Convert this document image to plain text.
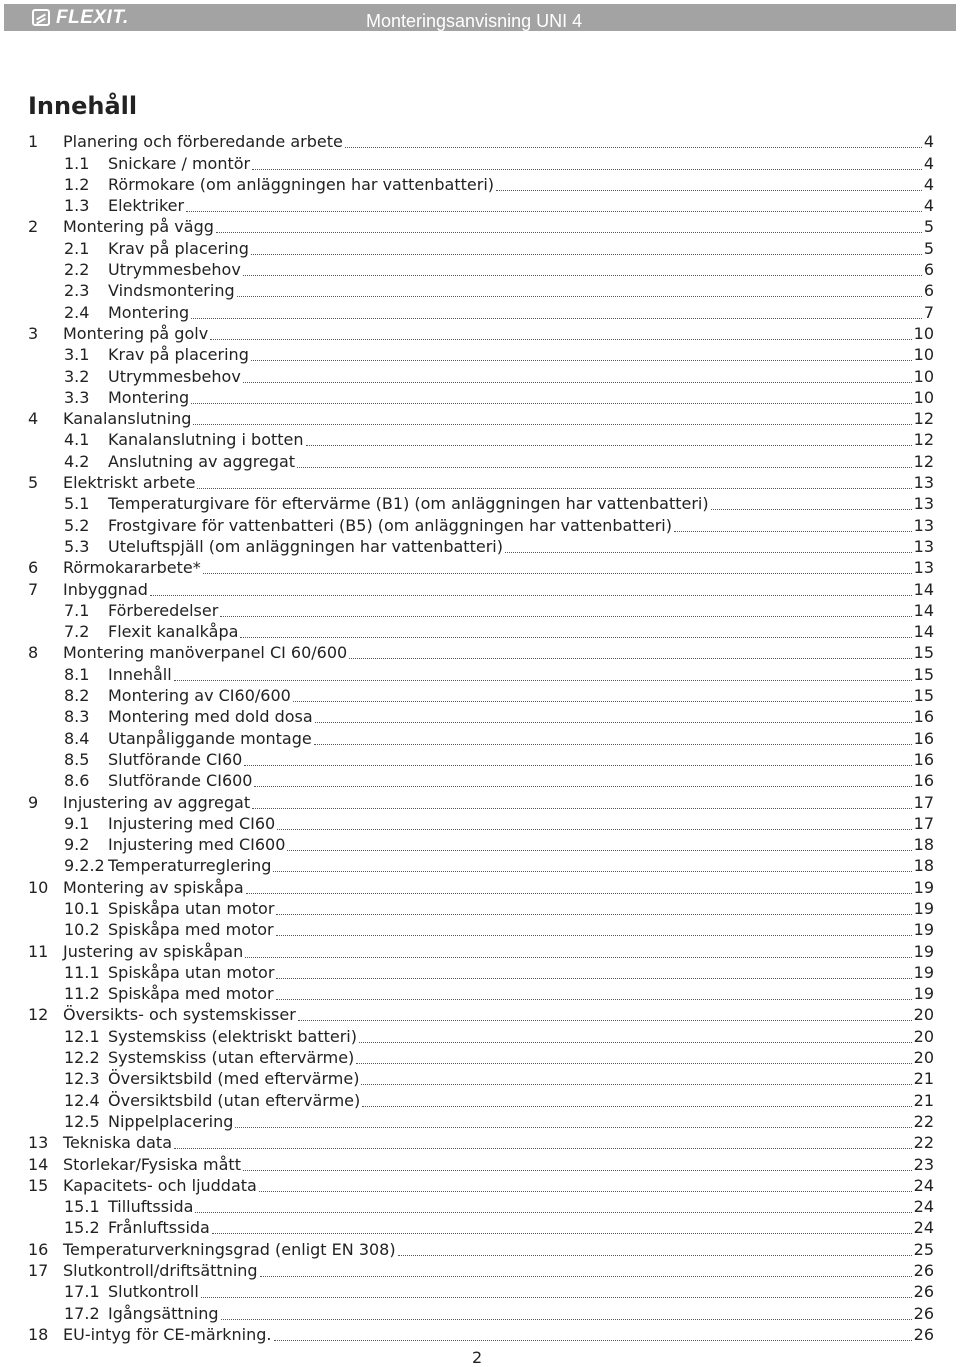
FLEXIT.	Monteringsanvisning UNI 4
Innehåll
1	Planering och förberedande arbete	4
1.1	Snickare / montör	4
1.2	Rörmokare (om anläggningen har vattenbatteri)	4
1.3	Elektriker	4
2	Montering på vägg	5
2.1	Krav på placering	5
2.2	Utrymmesbehov	6
2.3	Vindsmontering	6
2.4	Montering	7
3	Montering på golv	10
3.1	Krav på placering	10
3.2	Utrymmesbehov	10
3.3	Montering	10
4	Kanalanslutning	12
4.1	Kanalanslutning i botten	12
4.2	Anslutning av aggregat	12
5	Elektriskt arbete	13
5.1	Temperaturgivare för eftervärme (B1) (om anläggningen har vattenbatteri)	13
5.2	Frostgivare för vattenbatteri (B5) (om anläggningen har vattenbatteri)	13
5.3	Uteluftspjäll (om anläggningen har vattenbatteri)	13
6	Rörmokararbete*	13
7	Inbyggnad	14
7.1	Förberedelser	14
7.2	Flexit kanalkåpa	14
8	Montering manöverpanel CI 60/600	15
8.1	Innehåll	15
8.2	Montering av CI60/600	15
8.3	Montering med dold dosa	16
8.4	Utanpåliggande montage	16
8.5	Slutförande CI60	16
8.6	Slutförande CI600	16
9	Injustering av aggregat	17
9.1	Injustering med CI60	17
9.2	Injustering med CI600	18
9.2.2 Temperaturreglering	18
10 Montering av spiskåpa	19
10.1 Spiskåpa utan motor	19
10.2 Spiskåpa med motor	19
11 Justering av spiskåpan	19
11.1 Spiskåpa utan motor	19
11.2 Spiskåpa med motor	19
12 Översikts- och systemskisser	20
12.1 Systemskiss (elektriskt batteri)	20
12.2 Systemskiss (utan eftervärme)	20
12.3 Översiktsbild (med eftervärme)	21
12.4 Översiktsbild (utan eftervärme)	21
12.5 Nippelplacering	22
13 Tekniska data	22
14 Storlekar/Fysiska mått	23
15 Kapacitets- och ljuddata	24
15.1 Tilluftssida	24
15.2 Frånluftssida	24
16 Temperaturverkningsgrad (enligt EN 308)	25
17 Slutkontroll/driftsättning	26
17.1 Slutkontroll	26
17.2 Igångsättning	26
18 EU-intyg för CE-märkning.	26
2
